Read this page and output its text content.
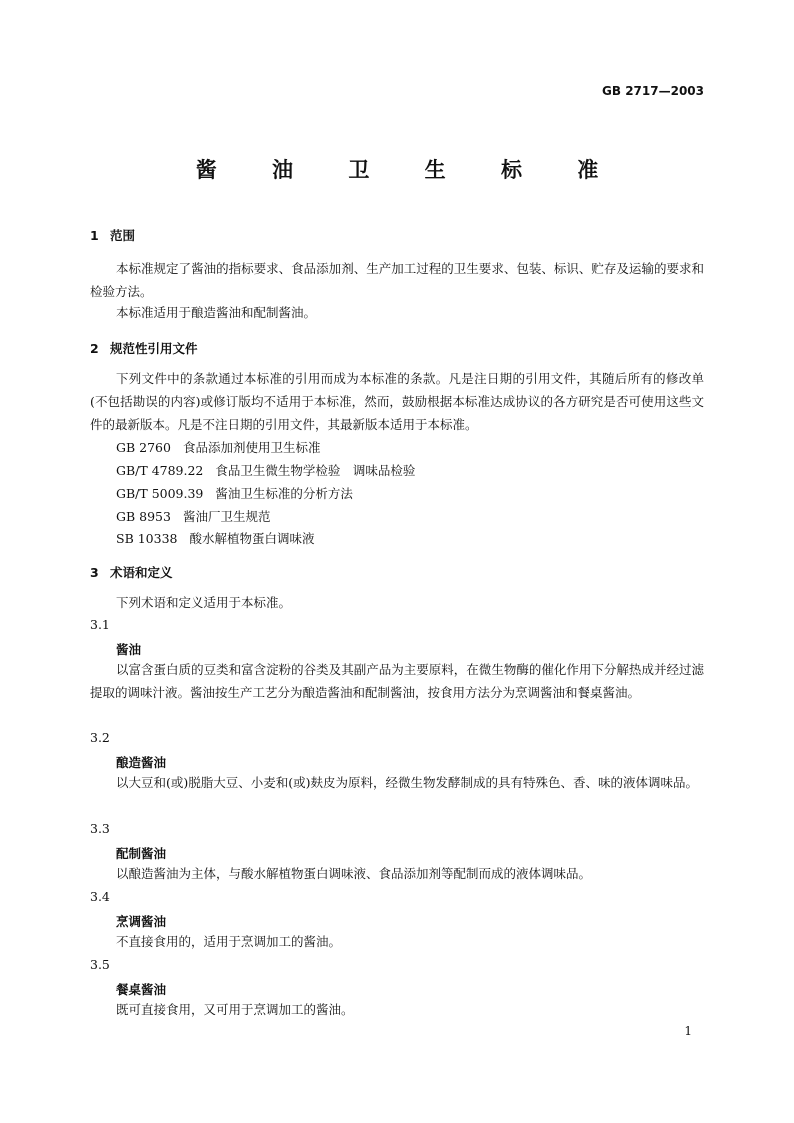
GB 2717—2003
酱 油 卫 生 标 准
1 范围
本标准规定了酱油的指标要求、食品添加剂、生产加工过程的卫生要求、包装、标识、贮存及运输的要求和检验方法。
本标准适用于酿造酱油和配制酱油。
2 规范性引用文件
下列文件中的条款通过本标准的引用而成为本标准的条款。凡是注日期的引用文件，其随后所有的修改单(不包括勘误的内容)或修订版均不适用于本标准，然而，鼓励根据本标准达成协议的各方研究是否可使用这些文件的最新版本。凡是不注日期的引用文件，其最新版本适用于本标准。
GB 2760 食品添加剂使用卫生标准
GB/T 4789.22 食品卫生微生物学检验　调味品检验
GB/T 5009.39 酱油卫生标准的分析方法
GB 8953 酱油厂卫生规范
SB 10338 酸水解植物蛋白调味液
3 术语和定义
下列术语和定义适用于本标准。
3.1
酱油
以富含蛋白质的豆类和富含淀粉的谷类及其副产品为主要原料，在微生物酶的催化作用下分解热成并经过滤提取的调味汁液。酱油按生产工艺分为酿造酱油和配制酱油，按食用方法分为烹调酱油和餐桌酱油。
3.2
酿造酱油
以大豆和(或)脱脂大豆、小麦和(或)麸皮为原料，经微生物发酵制成的具有特殊色、香、味的液体调味品。
3.3
配制酱油
以酿造酱油为主体，与酸水解植物蛋白调味液、食品添加剂等配制而成的液体调味品。
3.4
烹调酱油
不直接食用的，适用于烹调加工的酱油。
3.5
餐桌酱油
既可直接食用，又可用于烹调加工的酱油。
1
